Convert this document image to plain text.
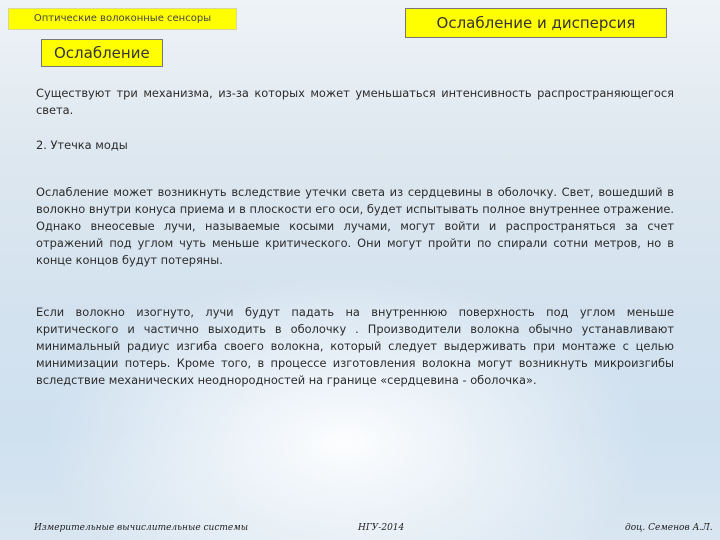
Оптические волоконные сенсоры	Ослабление и дисперсия
Ослабление
Существуют три механизма, из-за которых может уменьшаться интенсивность распространяющегося света.
2. Утечка моды
Ослабление может возникнуть вследствие утечки света из сердцевины в оболочку. Свет, вошедший в волокно внутри конуса приема и в плоскости его оси, будет испытывать полное внутреннее отражение. Однако внеосевые лучи, называемые косыми лучами, могут войти и распространяться за счет отражений под углом чуть меньше критического. Они могут пройти по спирали сотни метров, но в конце концов будут потеряны.
Если волокно изогнуто, лучи будут падать на внутреннюю поверхность под углом меньше критического и частично выходить в оболочку . Производители волокна обычно устанавливают минимальный радиус изгиба своего волокна, который следует выдерживать при монтаже с целью минимизации потерь. Кроме того, в процессе изготовления волокна могут возникнуть микроизгибы вследствие механических неоднородностей на границе «сердцевина - оболочка».
Измерительные вычислительные системы	НГУ-2014	доц. Семенов А.Л.
